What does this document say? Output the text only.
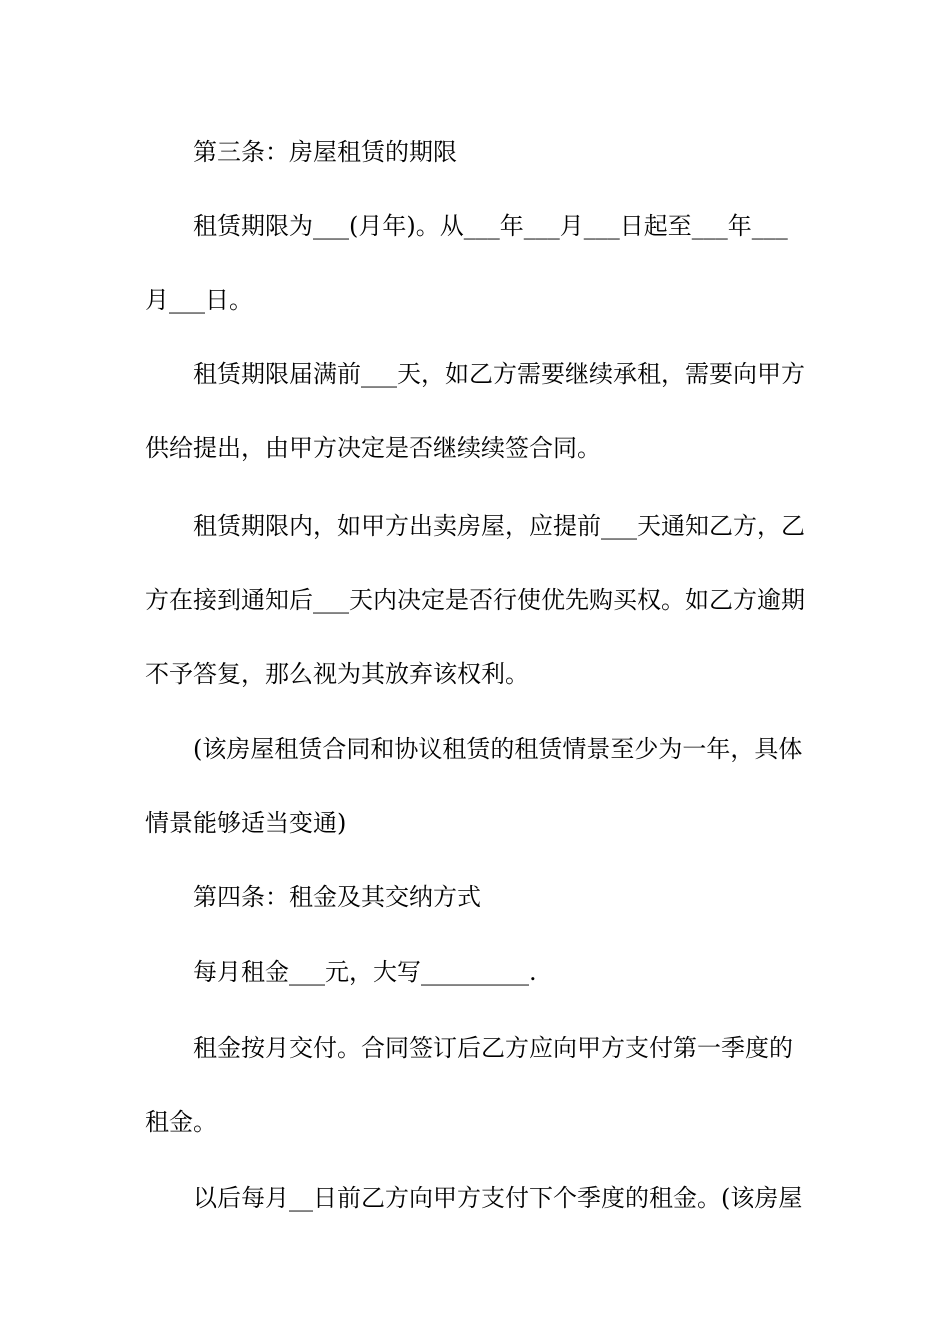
第三条：房屋租赁的期限
租赁期限为___(月年)。从___年___月___日起至___年___
月___日。
租赁期限届满前___天，如乙方需要继续承租，需要向甲方
供给提出，由甲方决定是否继续续签合同。
租赁期限内，如甲方出卖房屋，应提前___天通知乙方，乙
方在接到通知后___天内决定是否行使优先购买权。如乙方逾期
不予答复，那么视为其放弃该权利。
(该房屋租赁合同和协议租赁的租赁情景至少为一年，具体
情景能够适当变通)
第四条：租金及其交纳方式
每月租金___元，大写_________.
租金按月交付。合同签订后乙方应向甲方支付第一季度的
租金。
以后每月__日前乙方向甲方支付下个季度的租金。(该房屋
